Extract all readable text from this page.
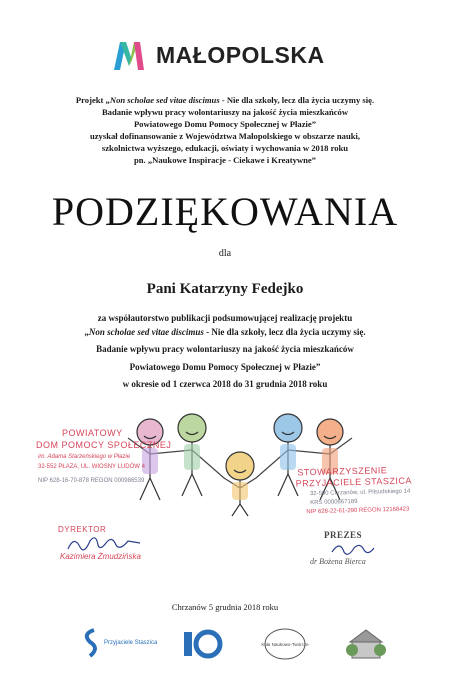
MAŁOPOLSKA
Projekt „Non scholae sed vitae discimus - Nie dla szkoły, lecz dla życia uczymy się.
Badanie wpływu pracy wolontariuszy na jakość życia mieszkańców
Powiatowego Domu Pomocy Społecznej w Płazie”
uzyskał dofinansowanie z Województwa Małopolskiego w obszarze nauki,
szkolnictwa wyższego, edukacji, oświaty i wychowania w 2018 roku
pn. „Naukowe Inspiracje - Ciekawe i Kreatywne”
PODZIĘKOWANIA
dla
Pani Katarzyny Fedejko
za współautorstwo publikacji podsumowującej realizację projektu
„Non scholae sed vitae discimus - Nie dla szkoły, lecz dla życia uczymy się.
Badanie wpływu pracy wolontariuszy na jakość życia mieszkańców
Powiatowego Domu Pomocy Społecznej w Płazie”
w okresie od 1 czerwca 2018 do 31 grudnia 2018 roku
POWIATOWY
DOM POMOCY SPOŁECZNEJ
im. Adama Starzeńskiego w Płazie
32-552 PŁAZA, UL. WIOSNY LUDÓW 4
NIP 628-16-70-878 REGON 000986539
STOWARZYSZENIE
PRZYJACIELE STASZICA
32-500 Chrzanów, ul. Piłsudskiego 14
KRS 0000667189
NIP 628-22-61-290 REGON 12168423
DYREKTOR
Kazimiera Żmudzińska
PREZES
dr Bożena Bierca
Chrzanów 5 grudnia 2018 roku
Przyjaciele Staszica	Koła Naukowo-Twórcze
